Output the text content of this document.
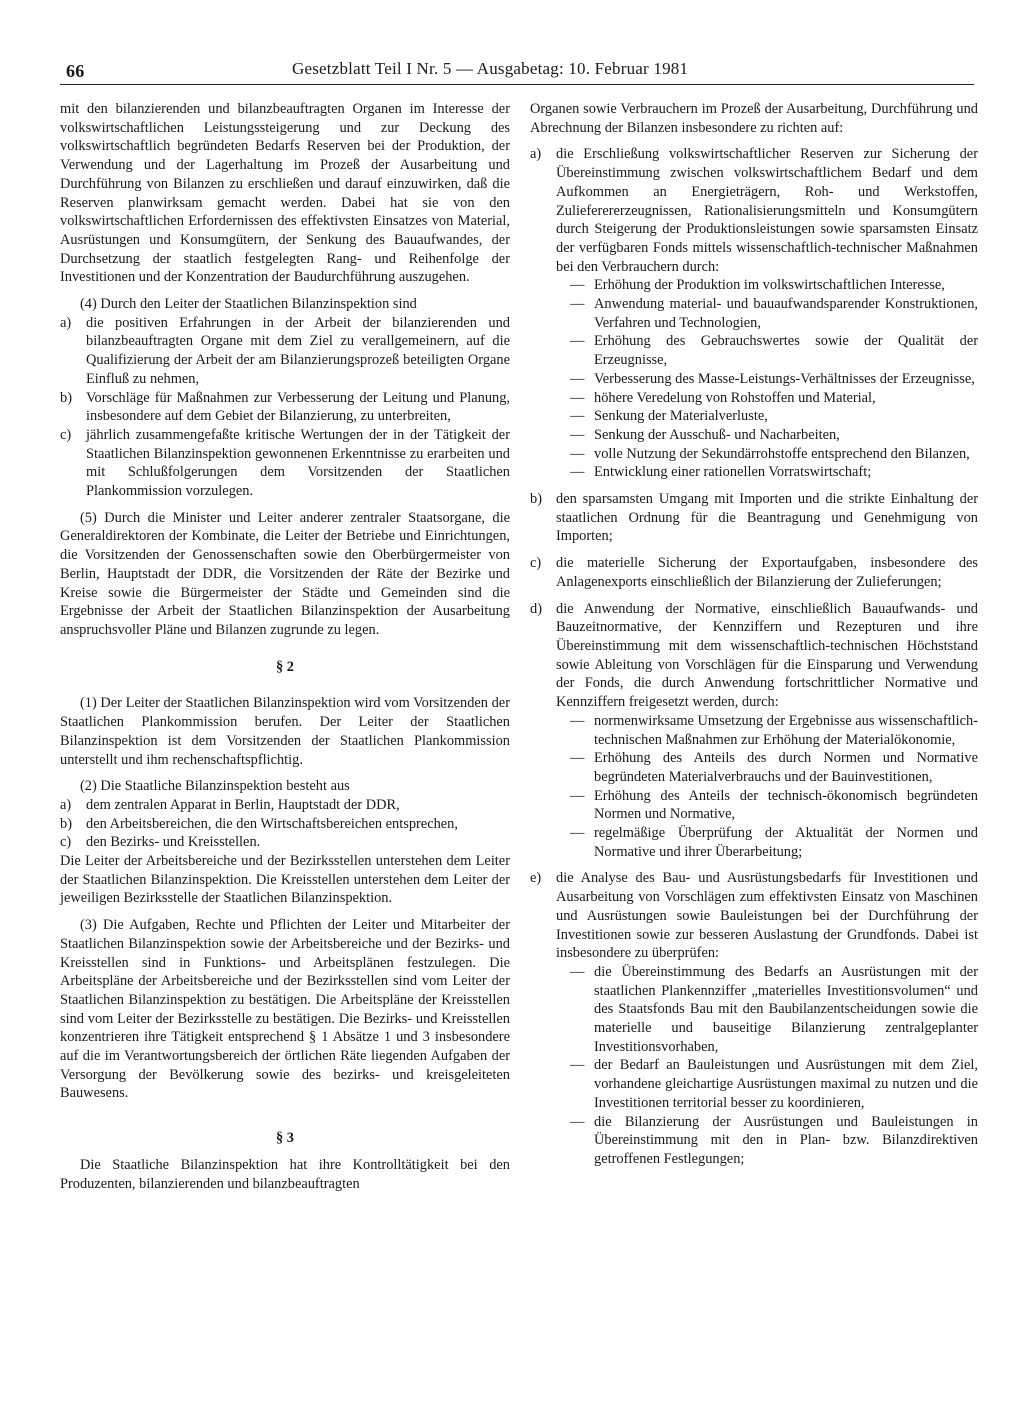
66	Gesetzblatt Teil I Nr. 5 — Ausgabetag: 10. Februar 1981

mit den bilanzierenden und bilanzbeauftragten Organen im Interesse der volkswirtschaftlichen Leistungssteigerung und zur Deckung des volkswirtschaftlich begründeten Bedarfs Reserven bei der Produktion, der Verwendung und der Lagerhaltung im Prozeß der Ausarbeitung und Durchführung von Bilanzen zu erschließen und darauf einzuwirken, daß die Reserven planwirksam gemacht werden. Dabei hat sie von den volkswirtschaftlichen Erfordernissen des effektivsten Einsatzes von Material, Ausrüstungen und Konsumgütern, der Senkung des Bauaufwandes, der Durchsetzung der staatlich festgelegten Rang- und Reihenfolge der Investitionen und der Konzentration der Baudurchführung auszugehen.

(4) Durch den Leiter der Staatlichen Bilanzinspektion sind

a)	die positiven Erfahrungen in der Arbeit der bilanzierenden und bilanzbeauftragten Organe mit dem Ziel zu verallgemeinern, auf die Qualifizierung der Arbeit der am Bilanzierungsprozeß beteiligten Organe Einfluß zu nehmen,
b) Vorschläge für Maßnahmen zur Verbesserung der Leitung und Planung, insbesondere auf dem Gebiet der Bilanzierung, zu unterbreiten,
c)	jährlich zusammengefaßte kritische Wertungen der in der Tätigkeit der Staatlichen Bilanzinspektion gewonnenen Erkenntnisse zu erarbeiten und mit Schlußfolgerungen dem Vorsitzenden der Staatlichen Plankommission vorzulegen.

(5) Durch die Minister und Leiter anderer zentraler Staatsorgane, die Generaldirektoren der Kombinate, die Leiter der Betriebe und Einrichtungen, die Vorsitzenden der Genossenschaften sowie den Oberbürgermeister von Berlin, Hauptstadt der DDR, die Vorsitzenden der Räte der Bezirke und Kreise sowie die Bürgermeister der Städte und Gemeinden sind die Ergebnisse der Arbeit der Staatlichen Bilanzinspektion der Ausarbeitung anspruchsvoller Pläne und Bilanzen zugrunde zu legen.

§ 2

(1) Der Leiter der Staatlichen Bilanzinspektion wird vom Vorsitzenden der Staatlichen Plankommission berufen. Der Leiter der Staatlichen Bilanzinspektion ist dem Vorsitzenden der Staatlichen Plankommission unterstellt und ihm rechenschaftspflichtig.

(2) Die Staatliche Bilanzinspektion besteht aus

a)	dem zentralen Apparat in Berlin, Hauptstadt der DDR,
b) den Arbeitsbereichen, die den Wirtschaftsbereichen entsprechen,
c)	den Bezirks- und Kreisstellen.

Die Leiter der Arbeitsbereiche und der Bezirksstellen unterstehen dem Leiter der Staatlichen Bilanzinspektion. Die Kreisstellen unterstehen dem Leiter der jeweiligen Bezirksstelle der Staatlichen Bilanzinspektion.

(3) Die Aufgaben, Rechte und Pflichten der Leiter und Mitarbeiter der Staatlichen Bilanzinspektion sowie der Arbeitsbereiche und der Bezirks- und Kreisstellen sind in Funktions- und Arbeitsplänen festzulegen. Die Arbeitspläne der Arbeitsbereiche und der Bezirksstellen sind vom Leiter der Staatlichen Bilanzinspektion zu bestätigen. Die Arbeitspläne der Kreisstellen sind vom Leiter der Bezirksstelle zu bestätigen. Die Bezirks- und Kreisstellen konzentrieren ihre Tätigkeit entsprechend § 1 Absätze 1 und 3 insbesondere auf die im Verantwortungsbereich der örtlichen Räte liegenden Aufgaben der Versorgung der Bevölkerung sowie des bezirks- und kreisgeleiteten Bauwesens.

§ 3

Die Staatliche Bilanzinspektion hat ihre Kontrolltätigkeit bei den Produzenten, bilanzierenden und bilanzbeauftragten

Organen sowie Verbrauchern im Prozeß der Ausarbeitung, Durchführung und Abrechnung der Bilanzen insbesondere zu richten auf:

a)	die Erschließung volkswirtschaftlicher Reserven zur Sicherung der Übereinstimmung zwischen volkswirtschaftlichem Bedarf und dem Aufkommen an Energieträgern, Roh- und Werkstoffen, Zulieferererzeugnissen, Rationalisierungsmitteln und Konsumgütern durch Steigerung der Produktionsleistungen sowie sparsamsten Einsatz der verfügbaren Fonds mittels wissenschaftlich-technischer Maßnahmen bei den Verbrauchern durch:
— Erhöhung der Produktion im volkswirtschaftlichen Interesse,
— Anwendung material- und bauaufwandsparender Konstruktionen, Verfahren und Technologien,
— Erhöhung des Gebrauchswertes sowie der Qualität der Erzeugnisse,
— Verbesserung des Masse-Leistungs-Verhältnisses der Erzeugnisse,
— höhere Veredelung von Rohstoffen und Material,
— Senkung der Materialverluste,
— Senkung der Ausschuß- und Nacharbeiten,
— volle Nutzung der Sekundärrohstoffe entsprechend den Bilanzen,
— Entwicklung einer rationellen Vorratswirtschaft;
b) den sparsamsten Umgang mit Importen und die strikte Einhaltung der staatlichen Ordnung für die Beantragung und Genehmigung von Importen;
c)	die materielle Sicherung der Exportaufgaben, insbesondere des Anlagenexports einschließlich der Bilanzierung der Zulieferungen;
d) die Anwendung der Normative, einschließlich Bauaufwands- und Bauzeitnormative, der Kennziffern und Rezepturen und ihre Übereinstimmung mit dem wissenschaftlich-technischen Höchststand sowie Ableitung von Vorschlägen für die Einsparung und Verwendung der Fonds, die durch Anwendung fortschrittlicher Normative und Kennziffern freigesetzt werden, durch:
— normenwirksame Umsetzung der Ergebnisse aus wissenschaftlich-technischen Maßnahmen zur Erhöhung der Materialökonomie,
— Erhöhung des Anteils des durch Normen und Normative begründeten Materialverbrauchs und der Bauinvestitionen,
— Erhöhung des Anteils der technisch-ökonomisch begründeten Normen und Normative,
— regelmäßige Überprüfung der Aktualität der Normen und Normative und ihrer Überarbeitung;
e)	die Analyse des Bau- und Ausrüstungsbedarfs für Investitionen und Ausarbeitung von Vorschlägen zum effektivsten Einsatz von Maschinen und Ausrüstungen sowie Bauleistungen bei der Durchführung der Investitionen sowie zur besseren Auslastung der Grundfonds. Dabei ist insbesondere zu überprüfen:
— die Übereinstimmung des Bedarfs an Ausrüstungen mit der staatlichen Plankennziffer „materielles Investitionsvolumen“ und des Staatsfonds Bau mit den Baubilanzentscheidungen sowie die materielle und bauseitige Bilanzierung zentralgeplanter Investitionsvorhaben,
— der Bedarf an Bauleistungen und Ausrüstungen mit dem Ziel, vorhandene gleichartige Ausrüstungen maximal zu nutzen und die Investitionen territorial besser zu koordinieren,
— die Bilanzierung der Ausrüstungen und Bauleistungen in Übereinstimmung mit den in Plan- bzw. Bilanzdirektiven getroffenen Festlegungen;
